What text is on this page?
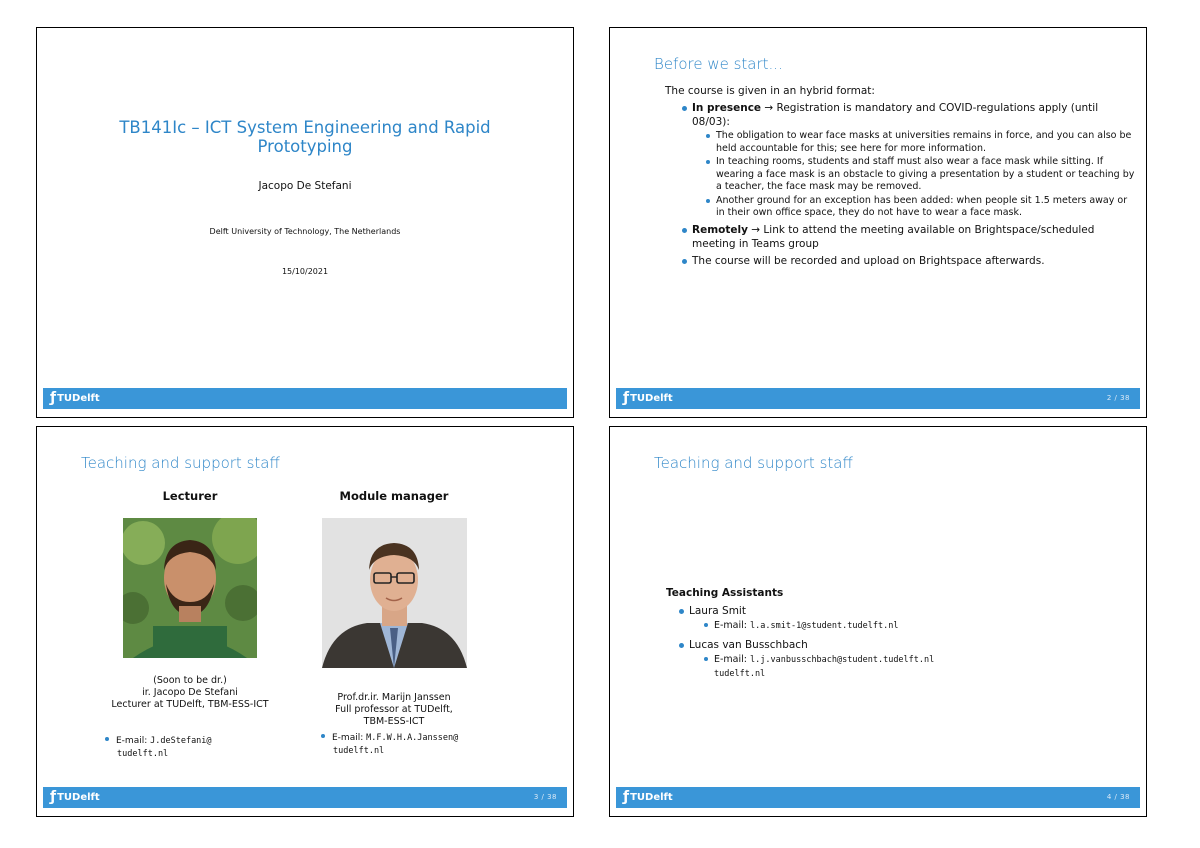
TB141Ic – ICT System Engineering and Rapid Prototyping
Jacopo De Stefani
Delft University of Technology, The Netherlands
15/10/2021
ƒTUDelft
Before we start...

The course is given in an hybrid format:

In presence → Registration is mandatory and COVID-regulations apply (until 08/03):
The obligation to wear face masks at universities remains in force, and you can also be held accountable for this; see here for more information.
In teaching rooms, students and staff must also wear a face mask while sitting. If wearing a face mask is an obstacle to giving a presentation by a student or teaching by a teacher, the face mask may be removed.
Another ground for an exception has been added: when people sit 1.5 meters away or in their own office space, they do not have to wear a face mask.
Remotely → Link to attend the meeting available on Brightspace/scheduled meeting in Teams group
The course will be recorded and upload on Brightspace afterwards.
ƒTUDelft	2 / 38
Teaching and support staff
Lecturer
(Soon to be dr.)
ir. Jacopo De Stefani
Lecturer at TUDelft, TBM-ESS-ICT
E-mail: J.deStefani@
tudelft.nl
Module manager
Prof.dr.ir. Marijn Janssen
Full professor at TUDelft,
TBM-ESS-ICT
E-mail: M.F.W.H.A.Janssen@
tudelft.nl
ƒTUDelft	3 / 38
Teaching and support staff
Teaching Assistants
Laura Smit
E-mail: l.a.smit-1@student.tudelft.nl
Lucas van Busschbach
E-mail: l.j.vanbusschbach@student.tudelft.nl
tudelft.nl
ƒTUDelft	4 / 38
